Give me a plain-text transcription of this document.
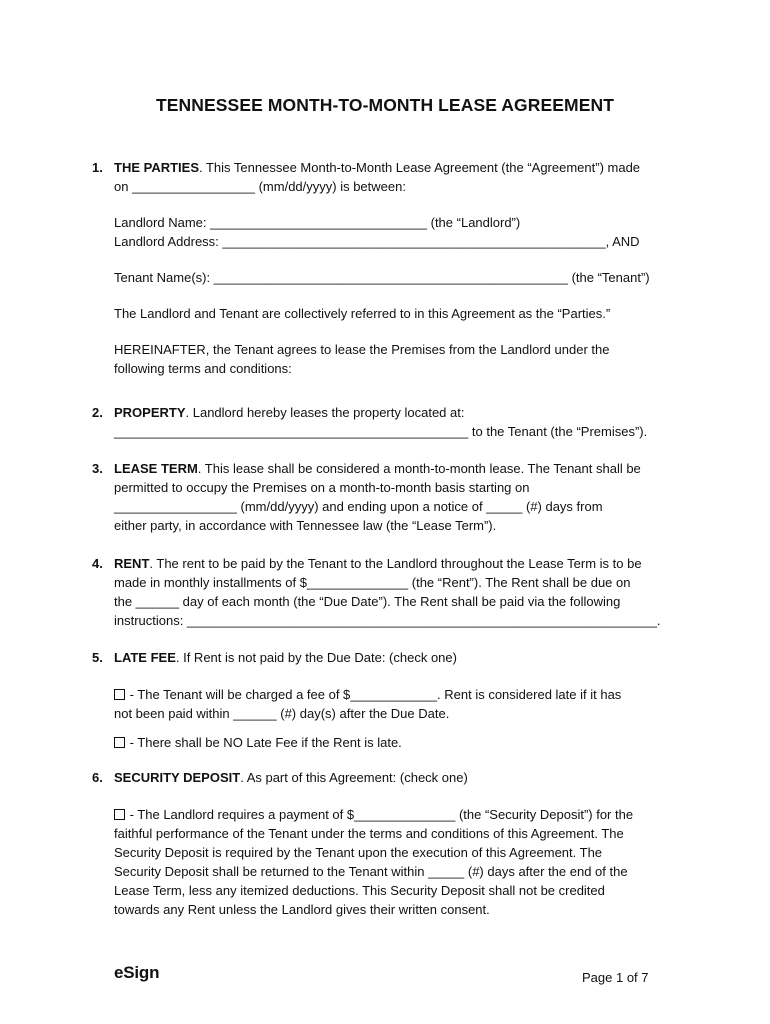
TENNESSEE MONTH-TO-MONTH LEASE AGREEMENT
1. THE PARTIES. This Tennessee Month-to-Month Lease Agreement (the “Agreement”) made

on _________________ (mm/dd/yyyy) is between:

Landlord Name: ______________________________ (the “Landlord”)

Landlord Address: _____________________________________________________, AND

Tenant Name(s): _________________________________________________ (the “Tenant”)

The Landlord and Tenant are collectively referred to in this Agreement as the “Parties.”

HEREINAFTER, the Tenant agrees to lease the Premises from the Landlord under the

following terms and conditions:

2. PROPERTY. Landlord hereby leases the property located at:

_________________________________________________ to the Tenant (the “Premises”).

3. LEASE TERM. This lease shall be considered a month-to-month lease. The Tenant shall be

permitted to occupy the Premises on a month-to-month basis starting on

_________________ (mm/dd/yyyy) and ending upon a notice of _____ (#) days from

either party, in accordance with Tennessee law (the “Lease Term”).

4. RENT. The rent to be paid by the Tenant to the Landlord throughout the Lease Term is to be

made in monthly installments of $______________ (the “Rent”). The Rent shall be due on

the ______ day of each month (the “Due Date”). The Rent shall be paid via the following

instructions: _________________________________________________________________.

5. LATE FEE. If Rent is not paid by the Due Date: (check one)

- The Tenant will be charged a fee of $____________. Rent is considered late if it has

not been paid within ______ (#) day(s) after the Due Date.

- There shall be NO Late Fee if the Rent is late.

6. SECURITY DEPOSIT. As part of this Agreement: (check one)

- The Landlord requires a payment of $______________ (the “Security Deposit”) for the

faithful performance of the Tenant under the terms and conditions of this Agreement. The

Security Deposit is required by the Tenant upon the execution of this Agreement. The

Security Deposit shall be returned to the Tenant within _____ (#) days after the end of the

Lease Term, less any itemized deductions. This Security Deposit shall not be credited

towards any Rent unless the Landlord gives their written consent.

eSign	Page 1 of 7
